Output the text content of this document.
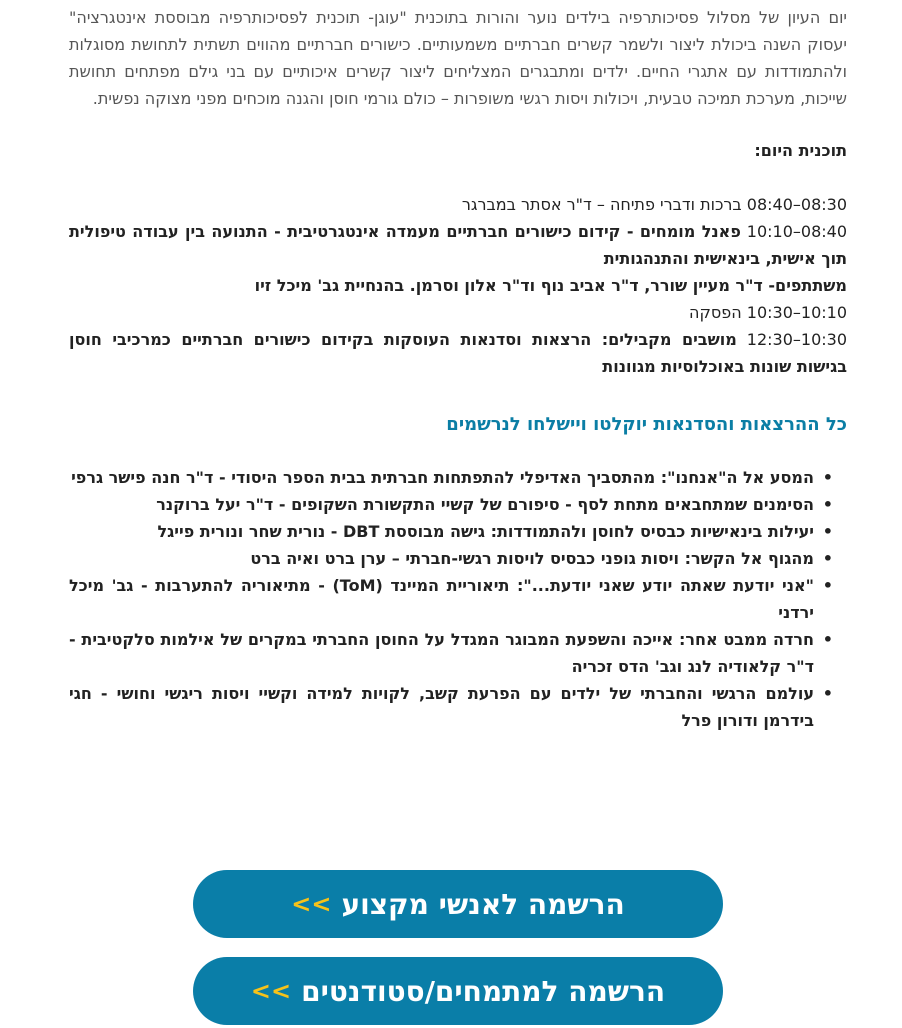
יום העיון של מסלול פסיכותרפיה בילדים נוער והורות בתוכנית "עוגן- תוכנית לפסיכותרפיה מבוססת אינטגרציה" יעסוק השנה ביכולת ליצור ולשמר קשרים חברתיים משמעותיים. כישורים חברתיים מהווים תשתית לתחושת מסוגלות ולהתמודדות עם אתגרי החיים. ילדים ומתבגרים המצליחים ליצור קשרים איכותיים עם בני גילם מפתחים תחושת שייכות, מערכת תמיכה טבעית, ויכולות ויסות רגשי משופרות – כולם גורמי חוסן והגנה מוכחים מפני מצוקה נפשית.

תוכנית היום:

08:30–08:40 ברכות ודברי פתיחה – ד"ר אסתר במברגר

08:40–10:10 פאנל מומחים - קידום כישורים חברתיים מעמדה אינטגרטיבית - התנועה בין עבודה טיפולית תוך אישית, בינאישית והתנהגותית

משתתפים- ד"ר מעיין שורר, ד"ר אביב נוף וד"ר אלון וסרמן. בהנחיית גב' מיכל זיו

10:10–10:30 הפסקה

10:30–12:30 מושבים מקבילים: הרצאות וסדנאות העוסקות בקידום כישורים חברתיים כמרכיבי חוסן בגישות שונות באוכלוסיות מגוונות

כל ההרצאות והסדנאות יוקלטו ויישלחו לנרשמים
•
המסע אל ה"אנחנו": מהתסביך האדיפלי להתפתחות חברתית בבית הספר היסודי - ד"ר חנה פישר גרפי
•
הסימנים שמתחבאים מתחת לסף - סיפורם של קשיי התקשורת השקופים - ד"ר יעל ברוקנר
•
יעילות בינאישיות כבסיס לחוסן ולהתמודדות: גישה מבוססת DBT - נורית שחר ונורית פייגל
•
מהגוף אל הקשר: ויסות גופני כבסיס לויסות רגשי-חברתי – ערן ברט ואיה ברט
•
"אני יודעת שאתה יודע שאני יודעת...": תיאוריית המיינד (ToM) - מתיאוריה להתערבות - גב' מיכל ירדני
•
חרדה ממבט אחר: אייכה והשפעת המבוגר המגדל על החוסן החברתי במקרים של אילמות סלקטיבית - ד"ר קלאודיה לנג וגב' הדס זכריה
•
עולמם הרגשי והחברתי של ילדים עם הפרעת קשב, לקויות למידה וקשיי ויסות ריגשי וחושי - חגי בידרמן ודורון פרל
הרשמה לאנשי מקצוע
>>
הרשמה למתמחים/סטודנטים
>>
